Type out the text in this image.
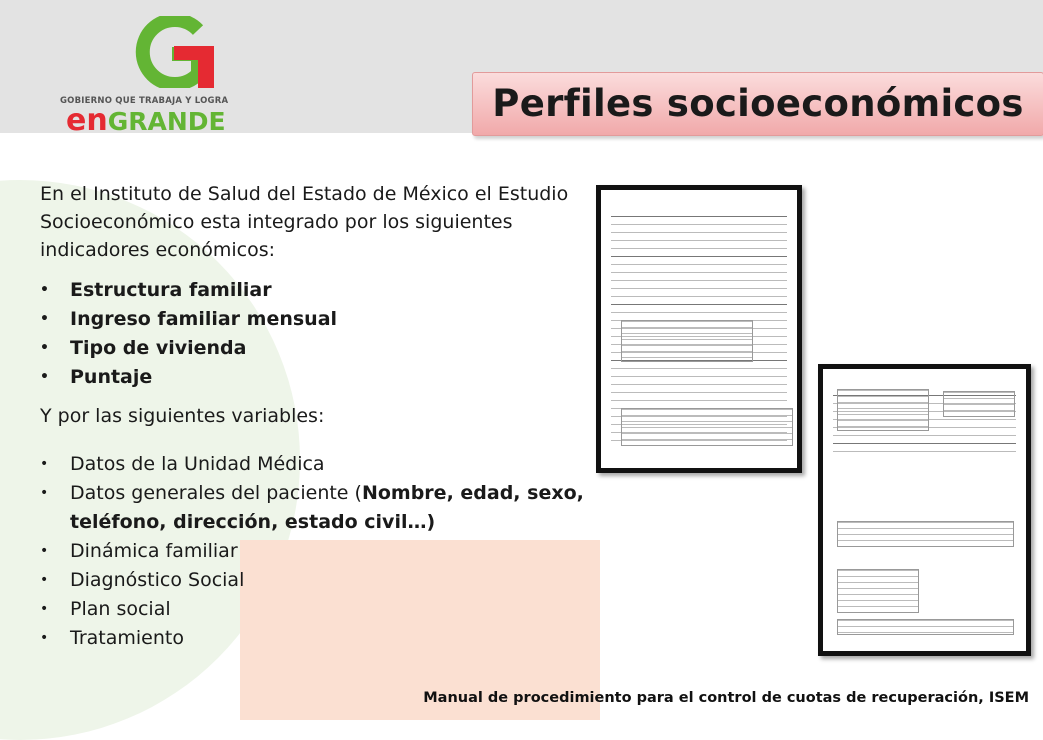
GOBIERNO QUE TRABAJA Y LOGRA
enGRANDE	Perfiles socioeconómicos

En el Instituto de Salud del Estado de México el Estudio Socioeconómico esta integrado por los siguientes indicadores económicos:

• Estructura familiar
• Ingreso familiar mensual
• Tipo de vivienda
• Puntaje

Y por las siguientes variables:

• Datos de la Unidad Médica
• Datos generales del paciente (Nombre, edad, sexo, teléfono, dirección, estado civil…)
• Dinámica familiar
• Diagnóstico Social
• Plan social
• Tratamiento
Manual de procedimiento para el control de cuotas de recuperación, ISEM
